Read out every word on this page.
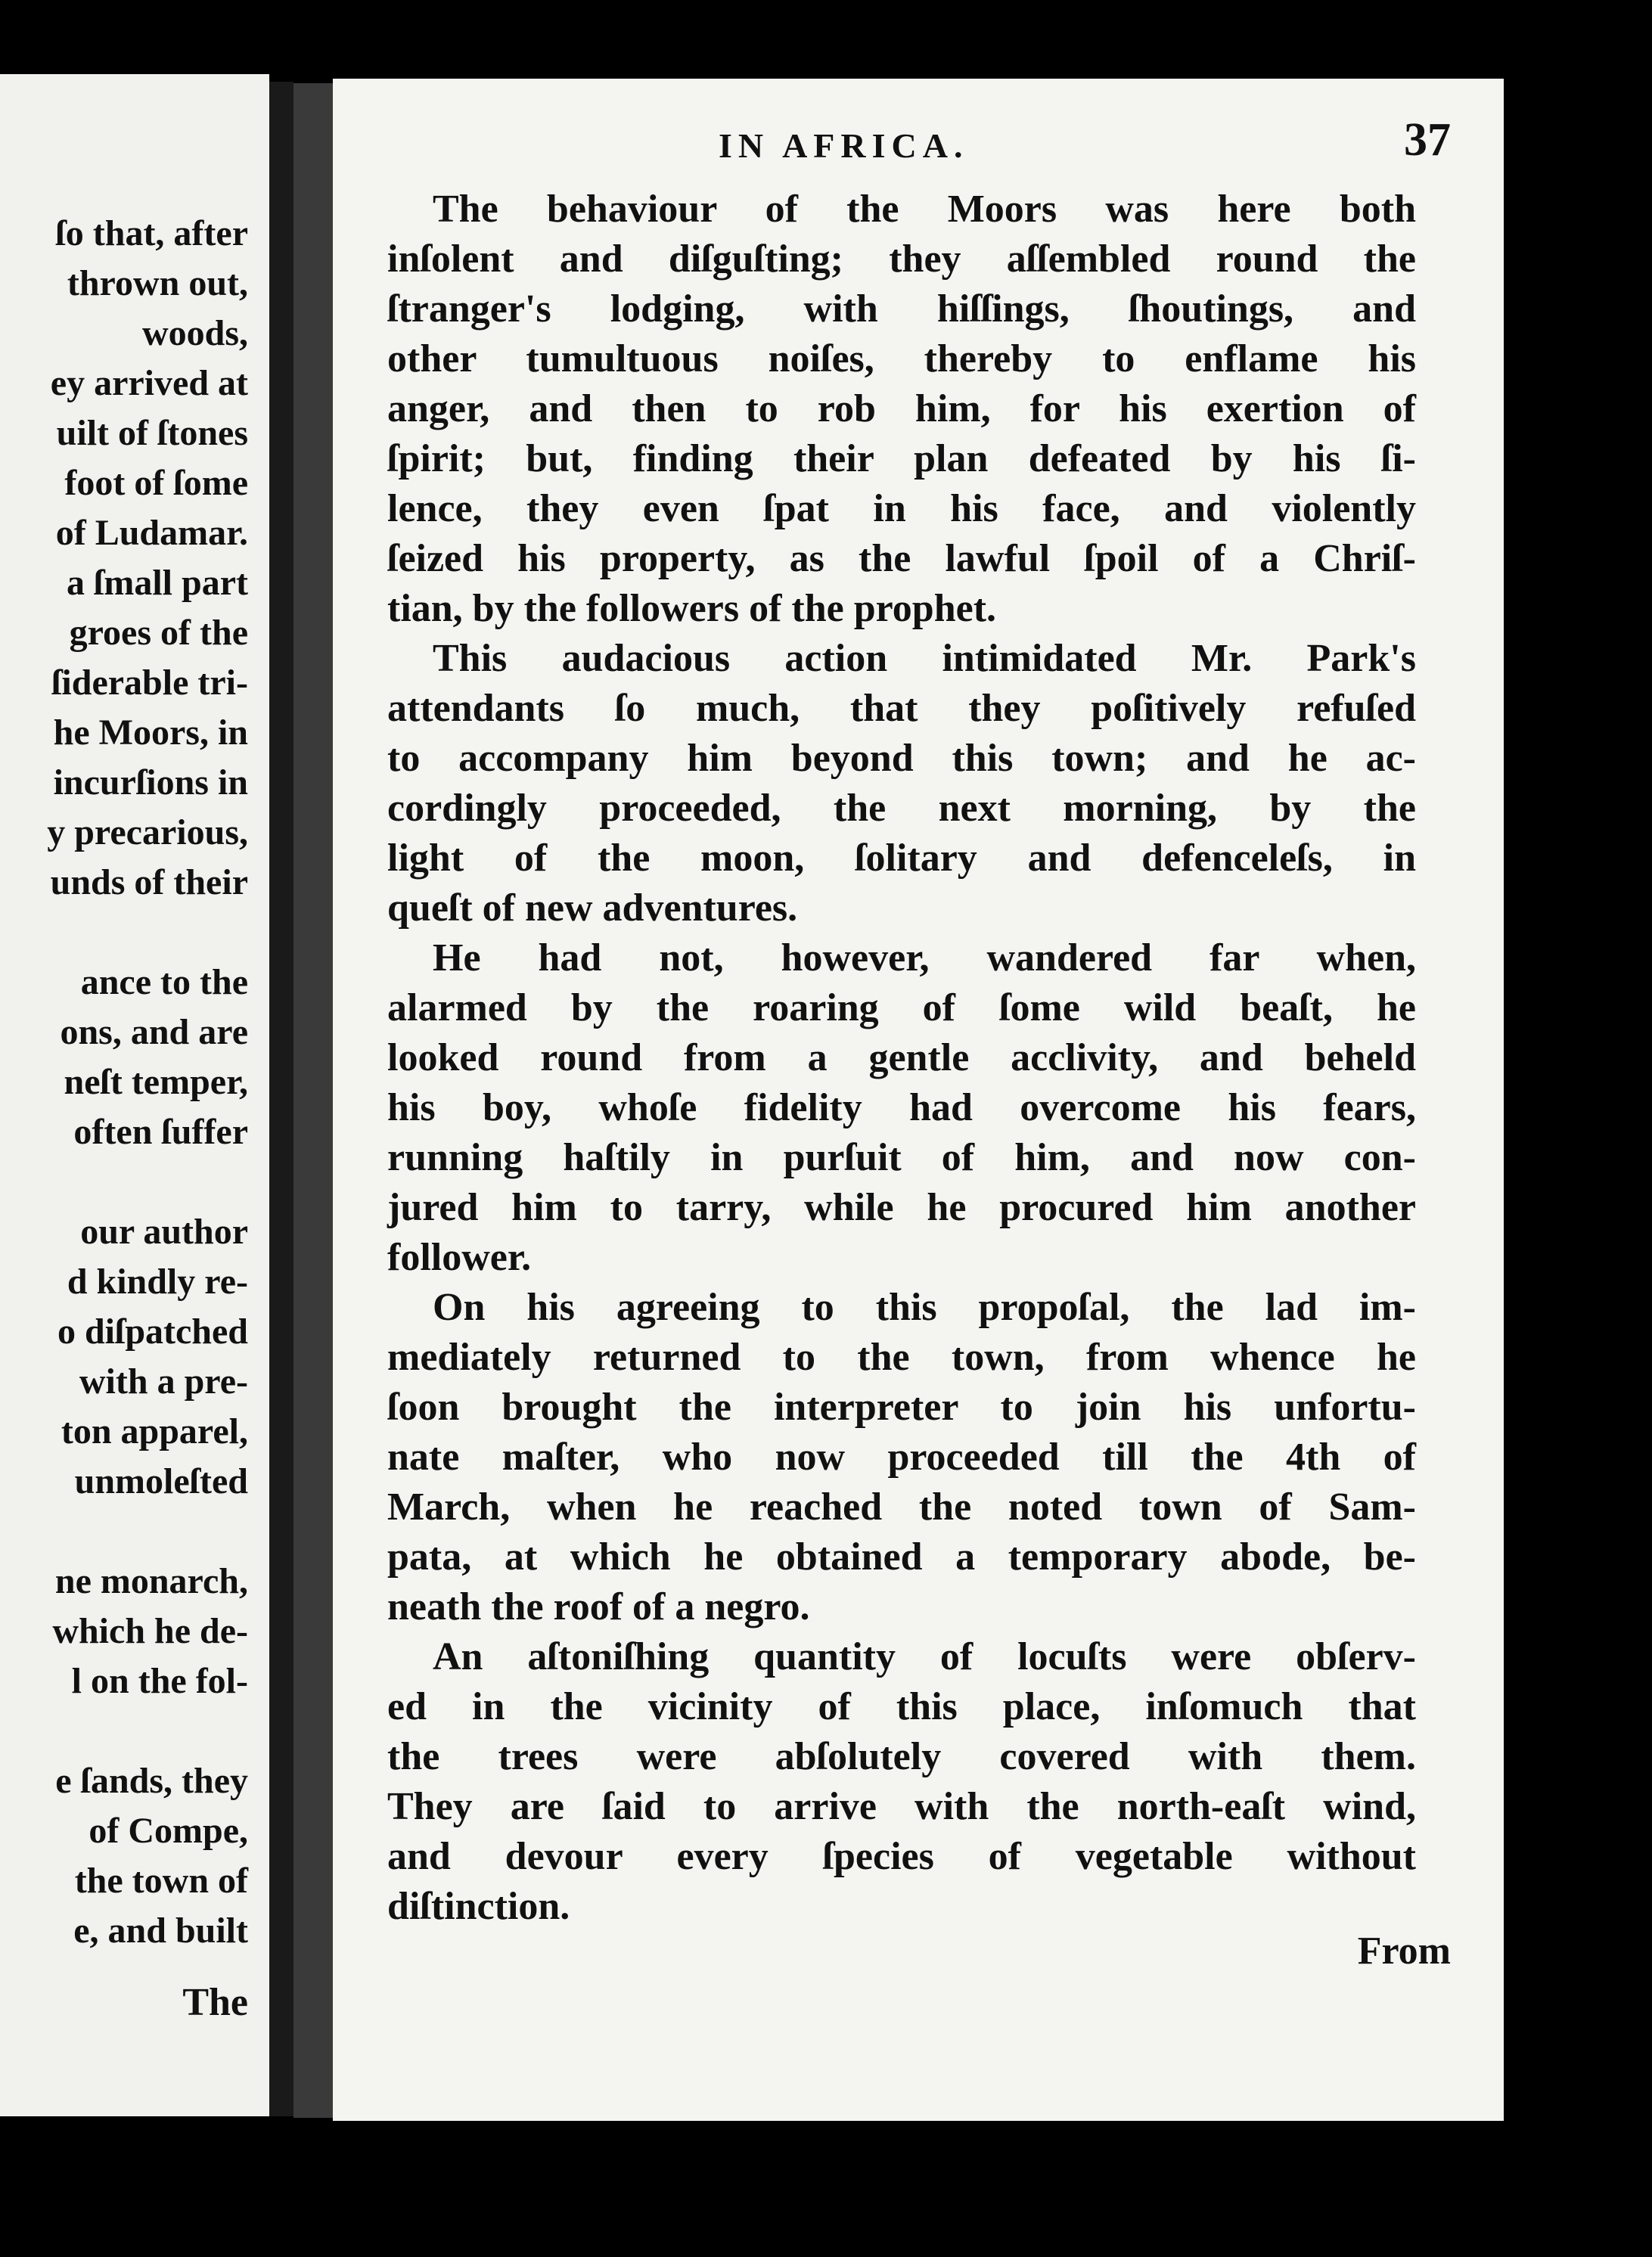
ſo that, after
thrown out,
woods,
ey arrived at
uilt of ſtones
foot of ſome
of Ludamar.
a ſmall part
groes of the
ſiderable tri-
he Moors, in
incurſions in
y precarious,
unds of their
ance to the
ons, and are
neſt temper,
often ſuffer
our author
d kindly re-
o diſpatched
with a pre-
ton apparel,
unmoleſted
ne monarch,
which he de-
l on the fol-
e ſands, they
of Compe,
the town of
e, and built
The
IN AFRICA.	37
The behaviour of the Moors was here both
inſolent and diſguſting; they aſſembled round the
ſtranger's lodging, with hiſſings, ſhoutings, and
other tumultuous noiſes, thereby to enflame his
anger, and then to rob him, for his exertion of
ſpirit; but, finding their plan defeated by his ſi-
lence, they even ſpat in his face, and violently
ſeized his property, as the lawful ſpoil of a Chriſ-
tian, by the followers of the prophet.
This audacious action intimidated Mr. Park's
attendants ſo much, that they poſitively refuſed
to accompany him beyond this town; and he ac-
cordingly proceeded, the next morning, by the
light of the moon, ſolitary and defenceleſs, in
queſt of new adventures.
He had not, however, wandered far when,
alarmed by the roaring of ſome wild beaſt, he
looked round from a gentle acclivity, and beheld
his boy, whoſe fidelity had overcome his fears,
running haſtily in purſuit of him, and now con-
jured him to tarry, while he procured him another
follower.
On his agreeing to this propoſal, the lad im-
mediately returned to the town, from whence he
ſoon brought the interpreter to join his unfortu-
nate maſter, who now proceeded till the 4th of
March, when he reached the noted town of Sam-
pata, at which he obtained a temporary abode, be-
neath the roof of a negro.
An aſtoniſhing quantity of locuſts were obſerv-
ed in the vicinity of this place, inſomuch that
the trees were abſolutely covered with them.
They are ſaid to arrive with the north-eaſt wind,
and devour every ſpecies of vegetable without
diſtinction.
From
